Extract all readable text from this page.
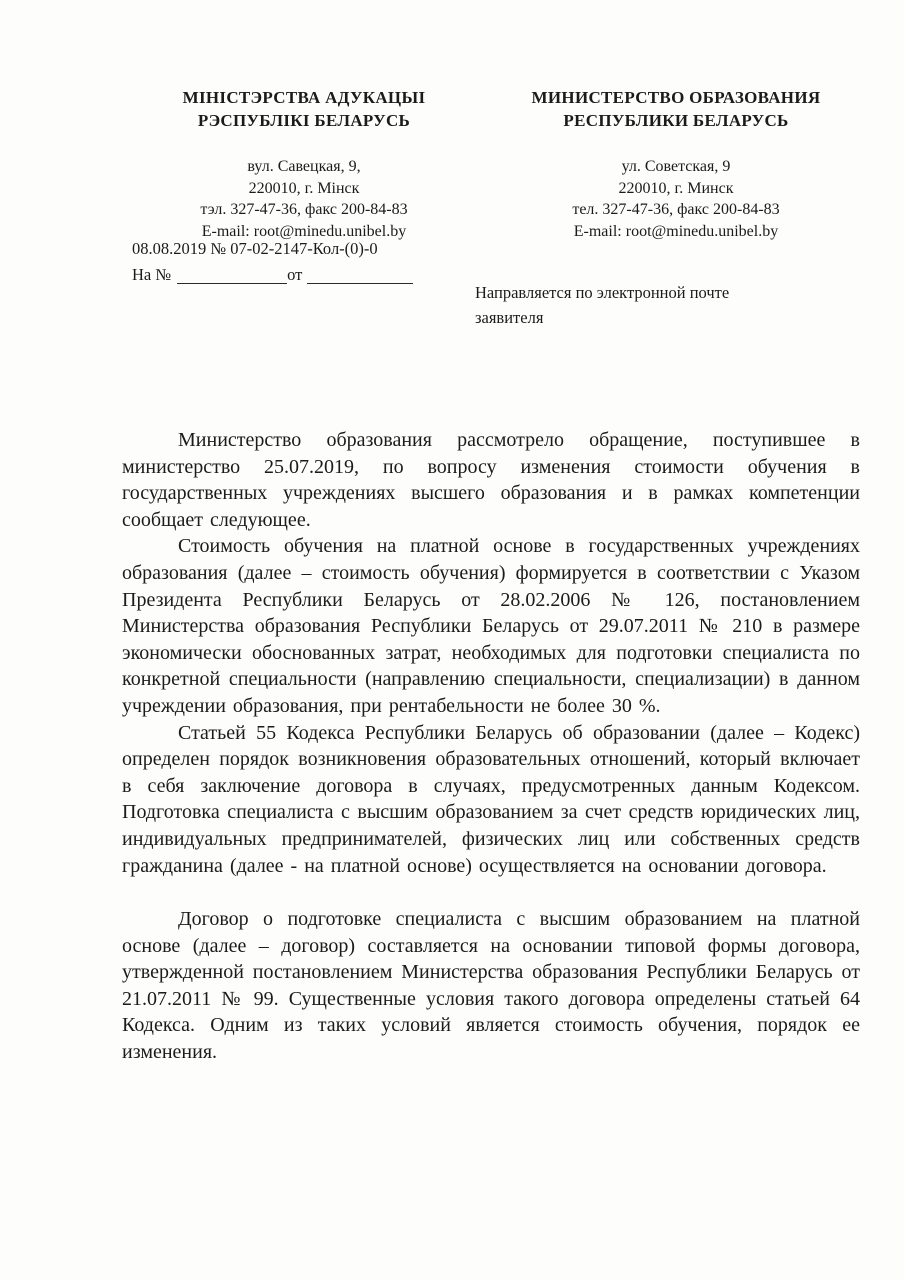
МІНІСТЭРСТВА АДУКАЦЫІ
РЭСПУБЛІКІ БЕЛАРУСЬ
вул. Савецкая, 9,
220010, г. Мінск
тэл. 327-47-36, факс 200-84-83
E-mail: root@minedu.unibel.by
МИНИСТЕРСТВО ОБРАЗОВАНИЯ
РЕСПУБЛИКИ БЕЛАРУСЬ
ул. Советская, 9
220010, г. Минск
тел. 327-47-36, факс 200-84-83
E-mail: root@minedu.unibel.by
08.08.2019 № 07-02-2147-Кол-(0)-0
На №	от
Направляется по электронной почте заявителя

Министерство образования рассмотрело обращение, поступившее в министерство 25.07.2019, по вопросу изменения стоимости обучения в государственных учреждениях высшего образования и в рамках компетенции сообщает следующее.

Стоимость обучения на платной основе в государственных учреждениях образования (далее – стоимость обучения) формируется в соответствии с Указом Президента Республики Беларусь от 28.02.2006 № 126, постановлением Министерства образования Республики Беларусь от 29.07.2011 № 210 в размере экономически обоснованных затрат, необходимых для подготовки специалиста по конкретной специальности (направлению специальности, специализации) в данном учреждении образования, при рентабельности не более 30 %.

Статьей 55 Кодекса Республики Беларусь об образовании (далее – Кодекс) определен порядок возникновения образовательных отношений, который включает в себя заключение договора в случаях, предусмотренных данным Кодексом. Подготовка специалиста с высшим образованием за счет средств юридических лиц, индивидуальных предпринимателей, физических лиц или собственных средств гражданина (далее - на платной основе) осуществляется на основании договора.

Договор о подготовке специалиста с высшим образованием на платной основе (далее – договор) составляется на основании типовой формы договора, утвержденной постановлением Министерства образования Республики Беларусь от 21.07.2011 № 99. Существенные условия такого договора определены статьей 64 Кодекса. Одним из таких условий является стоимость обучения, порядок ее изменения.
